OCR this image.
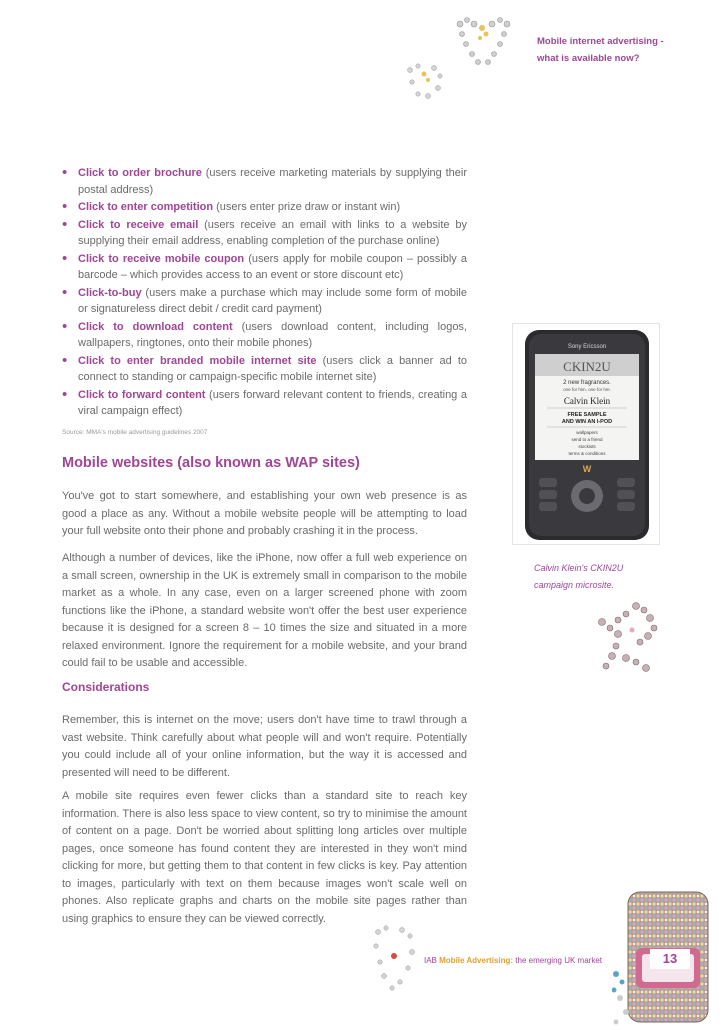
Mobile internet advertising -
what is available now?
• Click to order brochure (users receive marketing materials by supplying their postal address)
• Click to enter competition (users enter prize draw or instant win)
• Click to receive email (users receive an email with links to a website by supplying their email address, enabling completion of the purchase online)
• Click to receive mobile coupon (users apply for mobile coupon – possibly a barcode – which provides access to an event or store discount etc)
• Click-to-buy (users make a purchase which may include some form of mobile or signatureless direct debit / credit card payment)
• Click to download content (users download content, including logos, wallpapers, ringtones, onto their mobile phones)
• Click to enter branded mobile internet site (users click a banner ad to connect to standing or campaign-specific mobile internet site)
• Click to forward content (users forward relevant content to friends, creating a viral campaign effect)
Source: MMA's mobile advertising guidelines 2007
Mobile websites (also known as WAP sites)

You've got to start somewhere, and establishing your own web presence is as good a place as any. Without a mobile website people will be attempting to load your full website onto their phone and probably crashing it in the process.

Although a number of devices, like the iPhone, now offer a full web experience on a small screen, ownership in the UK is extremely small in comparison to the mobile market as a whole. In any case, even on a larger screened phone with zoom functions like the iPhone, a standard website won't offer the best user experience because it is designed for a screen 8 – 10 times the size and situated in a more relaxed environment. Ignore the requirement for a mobile website, and your brand could fail to be usable and accessible.

Considerations

Remember, this is internet on the move; users don't have time to trawl through a vast website. Think carefully about what people will and won't require. Potentially you could include all of your online information, but the way it is accessed and presented will need to be different.

A mobile site requires even fewer clicks than a standard site to reach key information. There is also less space to view content, so try to minimise the amount of content on a page. Don't be worried about splitting long articles over multiple pages, once someone has found content they are interested in they won't mind clicking for more, but getting them to that content in few clicks is key. Pay attention to images, particularly with text on them because images won't scale well on phones. Also replicate graphs and charts on the mobile site pages rather than using graphics to ensure they can be viewed correctly.

Sony Ericsson
CKIN2U
2 new fragrances.
one for him. one for her.
Calvin Klein
FREE SAMPLE
AND WIN AN I-POD
wallpapers
send to a friend
stockists
terms & conditions
W
Calvin Klein's CKIN2U
campaign microsite.
IAB Mobile Advertising: the emerging UK market	13
